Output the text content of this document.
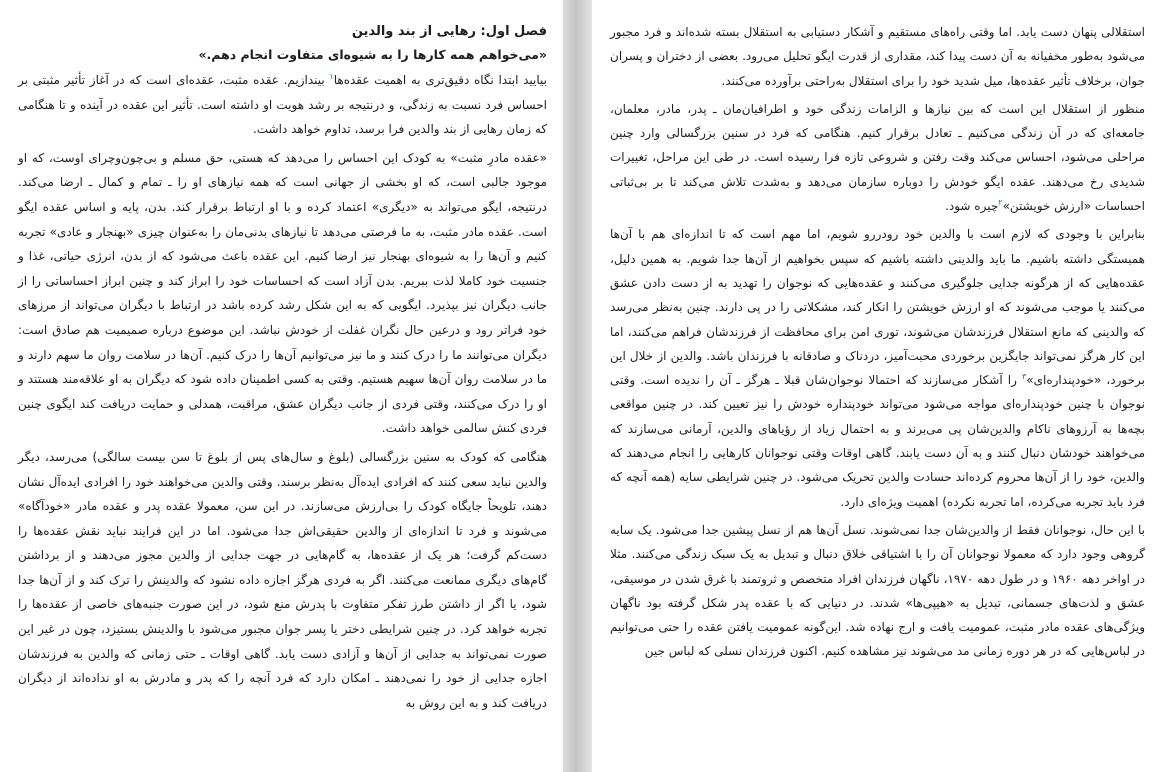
فصل اول: رهایی از بند والدین
«می‌خواهم همه کارها را به شیوه‌ای متفاوت انجام دهم.»

بیایید ابتدا نگاه دقیق‌تری به اهمیت عقده‌ها$^۱$ بیندازیم. عقده مثبت، عقده‌ای است که در آغاز تأثیر مثبتی بر احساس فرد نسبت به زندگی، و درنتیجه بر رشد هویت او داشته است. تأثیر این عقده در آینده و تا هنگامی که زمان رهایی از بند والدین فرا برسد، تداوم خواهد داشت.

«عقده مادرِ مثبت» به کودک این احساس را می‌دهد که هستی، حق مسلم و بی‌چون‌وچرای اوست، که او موجود جالبی است، که او بخشی از جهانی است که همه نیازهای او را ـ تمام و کمال ـ ارضا می‌کند. درنتیجه، ایگو می‌تواند به «دیگری» اعتماد کرده و با او ارتباط برقرار کند. بدن، پایه و اساس عقده ایگو است. عقده مادر مثبت، به ما فرصتی می‌دهد تا نیازهای بدنی‌مان را به‌عنوان چیزی «بهنجار و عادی» تجربه کنیم و آن‌ها را به شیوه‌ای بهنجار نیز ارضا کنیم. این عقده باعث می‌شود که از بدن، انرژی حیاتی، غذا و جنسیت خود کاملا لذت ببریم. بدن آزاد است که احساسات خود را ابراز کند و چنین ابراز احساساتی را از جانب دیگران نیز بپذیرد. ایگویی که به این شکل رشد کرده باشد در ارتباط با دیگران می‌تواند از مرزهای خود فراتر رود و درعین حال نگران غفلت از خودش نباشد. این موضوع درباره صمیمیت هم صادق است: دیگران می‌توانند ما را درک کنند و ما نیز می‌توانیم آن‌ها را درک کنیم. آن‌ها در سلامت روان ما سهم دارند و ما در سلامت روان آن‌ها سهیم هستیم. وقتی به کسی اطمینان داده شود که دیگران به او علاقه‌مند هستند و او را درک می‌کنند، وقتی فردی از جانب دیگران عشق، مراقبت، همدلی و حمایت دریافت کند ایگوی چنین فردی کنش سالمی خواهد داشت.

هنگامی که کودک به سنین بزرگسالی (بلوغ و سال‌های پس از بلوغ تا سن بیست سالگی) می‌رسد، دیگر والدین نباید سعی کنند که افرادی ایده‌آل به‌نظر برسند. وقتی والدین می‌خواهند خود را افرادی ایده‌آل نشان دهند، تلویحاً جایگاه کودک را بی‌ارزش می‌سازند. در این سن، معمولا عقده پدر و عقده مادر «خودآگاه» می‌شوند و فرد تا اندازه‌ای از والدین حقیقی‌اش جدا می‌شود. اما در این فرایند نباید نقش عقده‌ها را دست‌کم گرفت؛ هر یک از عقده‌ها، به گام‌هایی در جهت جدایی از والدین مجوز می‌دهند و از برداشتن گام‌های دیگری ممانعت می‌کنند. اگر به فردی هرگز اجازه داده نشود که والدینش را ترک کند و از آن‌ها جدا شود، یا اگر از داشتن طرز تفکر متفاوت با پدرش منع شود، در این صورت جنبه‌های خاصی از عقده‌ها را تجربه خواهد کرد. در چنین شرایطی دختر یا پسر جوان مجبور می‌شود با والدینش بستیزد، چون در غیر این صورت نمی‌تواند به جدایی از آن‌ها و آزادی دست یابد. گاهی اوقات ـ حتی زمانی که والدین به فرزندشان اجازه جدایی از خود را نمی‌دهند ـ امکان دارد که فرد آنچه را که پدر و مادرش به او نداده‌اند از دیگران دریافت کند و به این روش به

استقلالی پنهان دست یابد. اما وقتی راه‌های مستقیم و آشکار دستیابی به استقلال بسته شده‌اند و فرد مجبور می‌شود به‌طور مخفیانه به آن دست پیدا کند، مقداری از قدرت ایگو تحلیل می‌رود. بعضی از دختران و پسران جوان، برخلاف تأثیر عقده‌ها، میل شدید خود را برای استقلال به‌راحتی برآورده می‌کنند.

منظور از استقلال این است که بین نیازها و الزامات زندگی خود و اطرافیان‌مان ـ پدر، مادر، معلمان، جامعه‌ای که در آن زندگی می‌کنیم ـ تعادل برقرار کنیم. هنگامی که فرد در سنین بزرگسالی وارد چنین مراحلی می‌شود، احساس می‌کند وقت رفتن و شروعی تازه فرا رسیده است. در طی این مراحل، تغییرات شدیدی رخ می‌دهند. عقده ایگو خودش را دوباره سازمان می‌دهد و به‌شدت تلاش می‌کند تا بر بی‌ثباتی احساسات «ارزش خویشتن»$^۲$چیره شود.

بنابراین با وجودی که لازم است با والدین خود رودررو شویم، اما مهم است که تا اندازه‌ای هم با آن‌ها همبستگی داشته باشیم. ما باید والدینی داشته باشیم که سپس بخواهیم از آن‌ها جدا شویم. به همین دلیل، عقده‌هایی که از هرگونه جدایی جلوگیری می‌کنند و عقده‌هایی که نوجوان را تهدید به از دست دادن عشق می‌کنند یا موجب می‌شوند که او ارزش خویشتن را انکار کند، مشکلاتی را در پی دارند. چنین به‌نظر می‌رسد که والدینی که مانع استقلال فرزندشان می‌شوند، توری امن برای محافظت از فرزندشان فراهم می‌کنند، اما این کار هرگز نمی‌تواند جایگزین برخوردی محبت‌آمیز، دردناک و صادقانه با فرزندان باشد. والدین از خلال این برخورد، «خودپنداره‌ای»$^۳$ را آشکار می‌سازند که احتمالا نوجوان‌شان قبلا ـ هرگز ـ آن را ندیده است. وقتی نوجوان با چنین خودپنداره‌ای مواجه می‌شود می‌تواند خودپنداره خودش را نیز تعیین کند. در چنین مواقعی بچه‌ها به آرزوهای ناکام والدین‌شان پی می‌برند و به احتمال زیاد از رؤیاهای والدین، آرمانی می‌سازند که می‌خواهند خودشان دنبال کنند و به آن دست یابند. گاهی اوقات وقتی نوجوانان کارهایی را انجام می‌دهند که والدین، خود را از آن‌ها محروم کرده‌اند حسادت والدین تحریک می‌شود. در چنین شرایطی سایه (همه آنچه که فرد باید تجربه می‌کرده، اما تجربه نکرده) اهمیت ویژه‌ای دارد.

با این حال، نوجوانان فقط از والدین‌شان جدا نمی‌شوند. نسل آن‌ها هم از نسل پیشین جدا می‌شود. یک سایه گروهی وجود دارد که معمولا نوجوانان آن را با اشتیاقی خلاق دنبال و تبدیل به یک سبک زندگی می‌کنند. مثلا در اواخر دهه ۱۹۶۰ و در طول دهه ۱۹۷۰، ناگهان فرزندان افراد متخصص و ثروتمند با غرق شدن در موسیقی، عشق و لذت‌های جسمانی، تبدیل به «هیپی‌ها» شدند. در دنیایی که با عقده پدر شکل گرفته بود ناگهان ویژگی‌های عقده مادر مثبت، عمومیت یافت و ارج نهاده شد. این‌گونه عمومیت یافتن عقده را حتی می‌توانیم در لباس‌هایی که در هر دوره زمانی مد می‌شوند نیز مشاهده کنیم. اکنون فرزندان نسلی که لباس جین
